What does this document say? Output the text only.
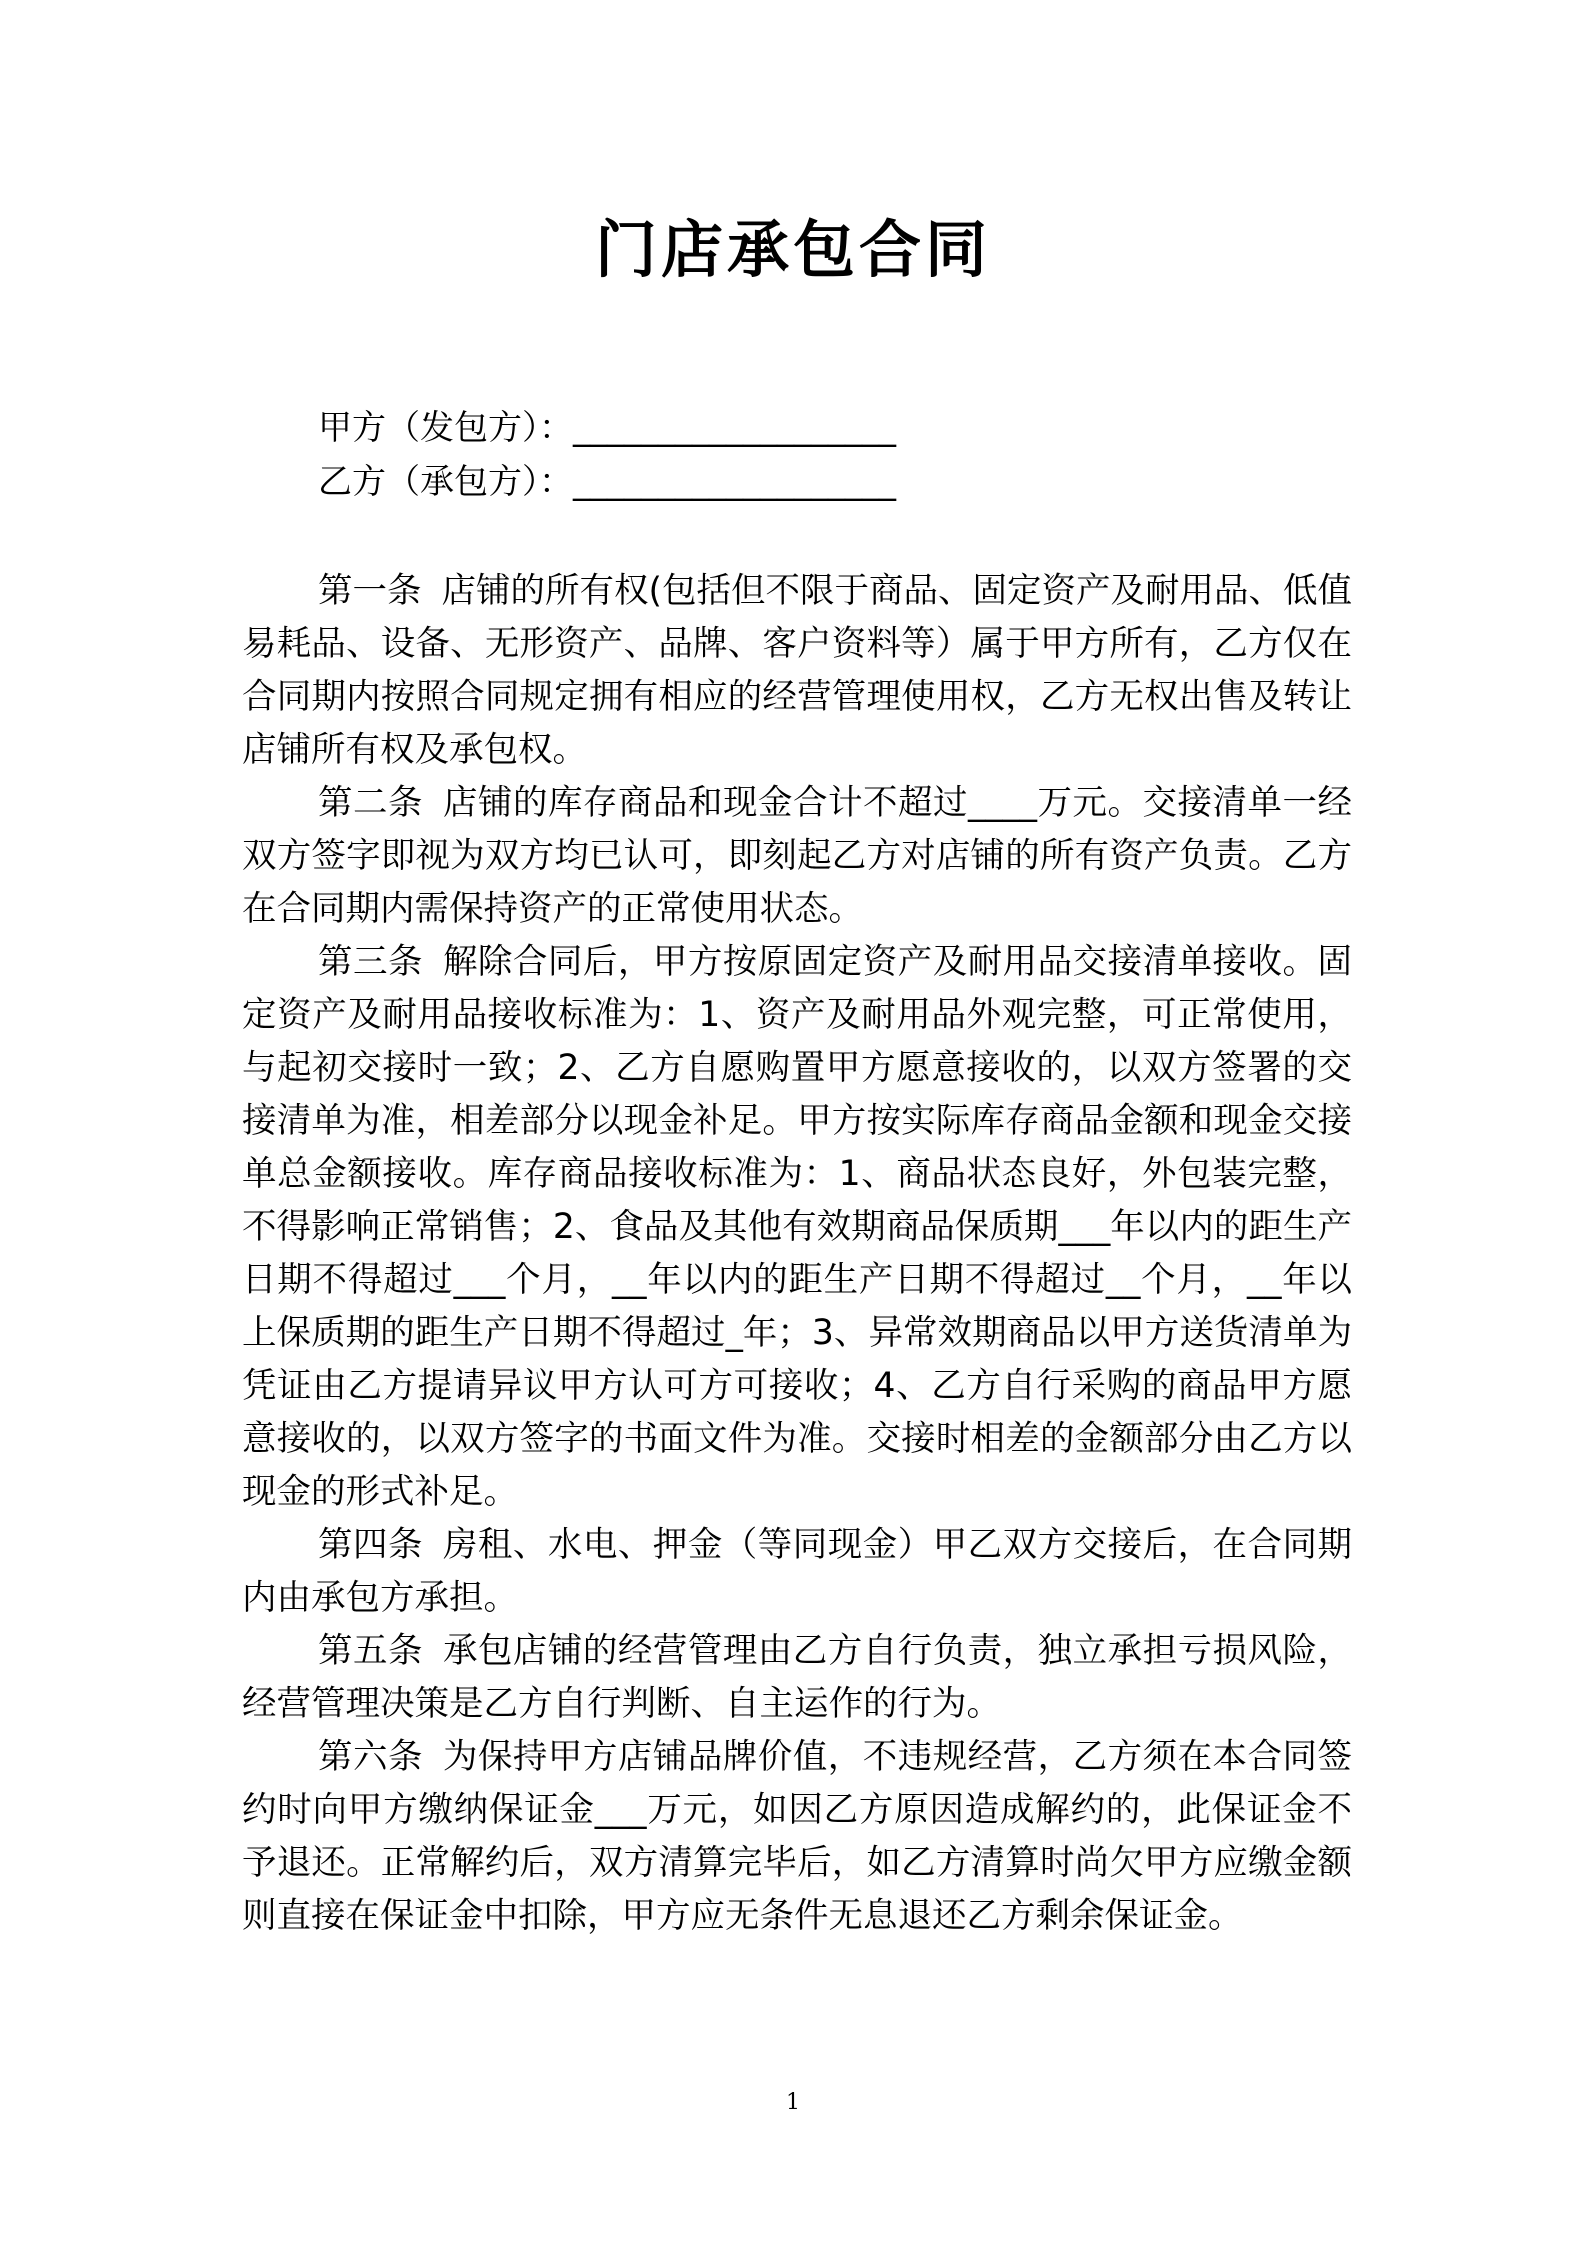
门店承包合同
甲方（发包方）：___________________
乙方（承包方）：___________________

第一条 店铺的所有权(包括但不限于商品、固定资产及耐用品、低值易耗品、设备、无形资产、品牌、客户资料等）属于甲方所有，乙方仅在合同期内按照合同规定拥有相应的经营管理使用权，乙方无权出售及转让店铺所有权及承包权。

第二条 店铺的库存商品和现金合计不超过____万元。交接清单一经双方签字即视为双方均已认可，即刻起乙方对店铺的所有资产负责。乙方在合同期内需保持资产的正常使用状态。

第三条 解除合同后，甲方按原固定资产及耐用品交接清单接收。固定资产及耐用品接收标准为：1、资产及耐用品外观完整，可正常使用，与起初交接时一致；2、乙方自愿购置甲方愿意接收的，以双方签署的交接清单为准，相差部分以现金补足。甲方按实际库存商品金额和现金交接单总金额接收。库存商品接收标准为：1、商品状态良好，外包装完整，不得影响正常销售；2、食品及其他有效期商品保质期___年以内的距生产日期不得超过___个月，__年以内的距生产日期不得超过__个月，__年以上保质期的距生产日期不得超过_年；3、异常效期商品以甲方送货清单为凭证由乙方提请异议甲方认可方可接收；4、乙方自行采购的商品甲方愿意接收的，以双方签字的书面文件为准。交接时相差的金额部分由乙方以现金的形式补足。

第四条 房租、水电、押金（等同现金）甲乙双方交接后，在合同期内由承包方承担。

第五条 承包店铺的经营管理由乙方自行负责，独立承担亏损风险，经营管理决策是乙方自行判断、自主运作的行为。

第六条 为保持甲方店铺品牌价值，不违规经营，乙方须在本合同签约时向甲方缴纳保证金___万元，如因乙方原因造成解约的，此保证金不予退还。正常解约后，双方清算完毕后，如乙方清算时尚欠甲方应缴金额则直接在保证金中扣除，甲方应无条件无息退还乙方剩余保证金。

1
